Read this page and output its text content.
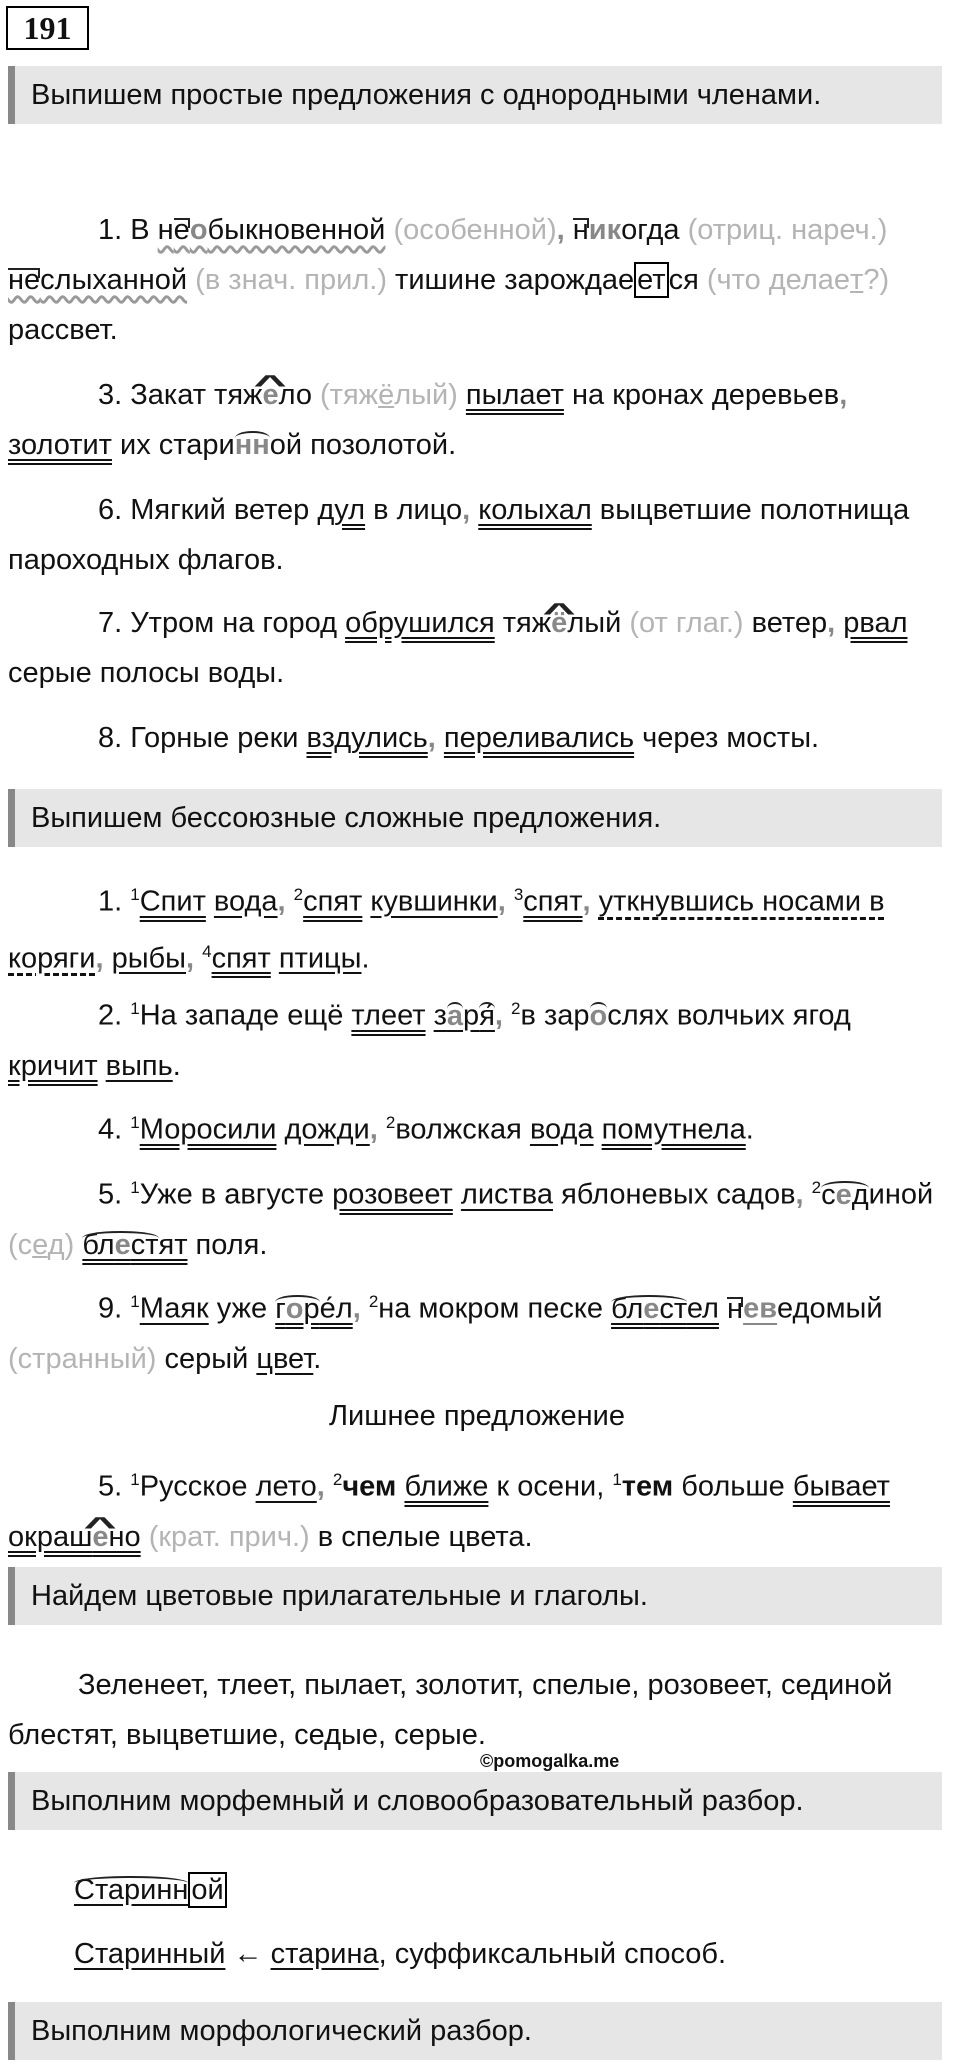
191
Выпишем простые предложения с однородными членами.
1. В необыкновенной (особенной), никогда (отриц. нареч.) неслыханной (в знач. прил.) тишине зарождаe ет ся (что делаeт?) рассвет.
3. Закат тяж^ ело (тяжёлый) пылает на кронах деревьев, золотит их старинной позолотой.
6. Мягкий ветер дул в лицо, колыхал выцветшие полотнища пароходных флагов.
7. Утром на город обрушился тяж^ ёлый (от глаг.) ветер, рвал серые полосы воды.
8. Горные реки вздулись, переливались через мосты.
Выпишем бессоюзные сложные предложения.
1. $^1$Спит вода, $^2$спят кувшинки, $^3$спят, уткнувшись носами в коряги, рыбы, $^4$спят птицы.
2. $^1$На западе ещё тлеет заря́, $^2$в зарослях волчьих ягод кричит выпь.
4. $^1$Моросили дожди, $^2$волжская вода помутнела.
5. $^1$Уже в августе розовеет листва яблоневых садов, $^2$сединой (сед) блестят поля.
9. $^1$Маяк уже горе́л, $^2$на мокром песке блестел неведомый (странный) серый цвет.
Лишнее предложение
5. $^1$Русское лето, $^2$чем ближе к осени, $^1$тем больше бывает окраш^ ено (крат. прич.) в спелые цвета.
Найдем цветовые прилагательные и глаголы.
Зеленеет, тлеет, пылает, золотит, спелые, розовеет, сединой блестят, выцветшие, седые, серые.
©pomogalka.me
Выполним морфемный и словообразовательный разбор.
Старинн ой
Старинный ← старина, суффиксальный способ.
Выполним морфологический разбор.
